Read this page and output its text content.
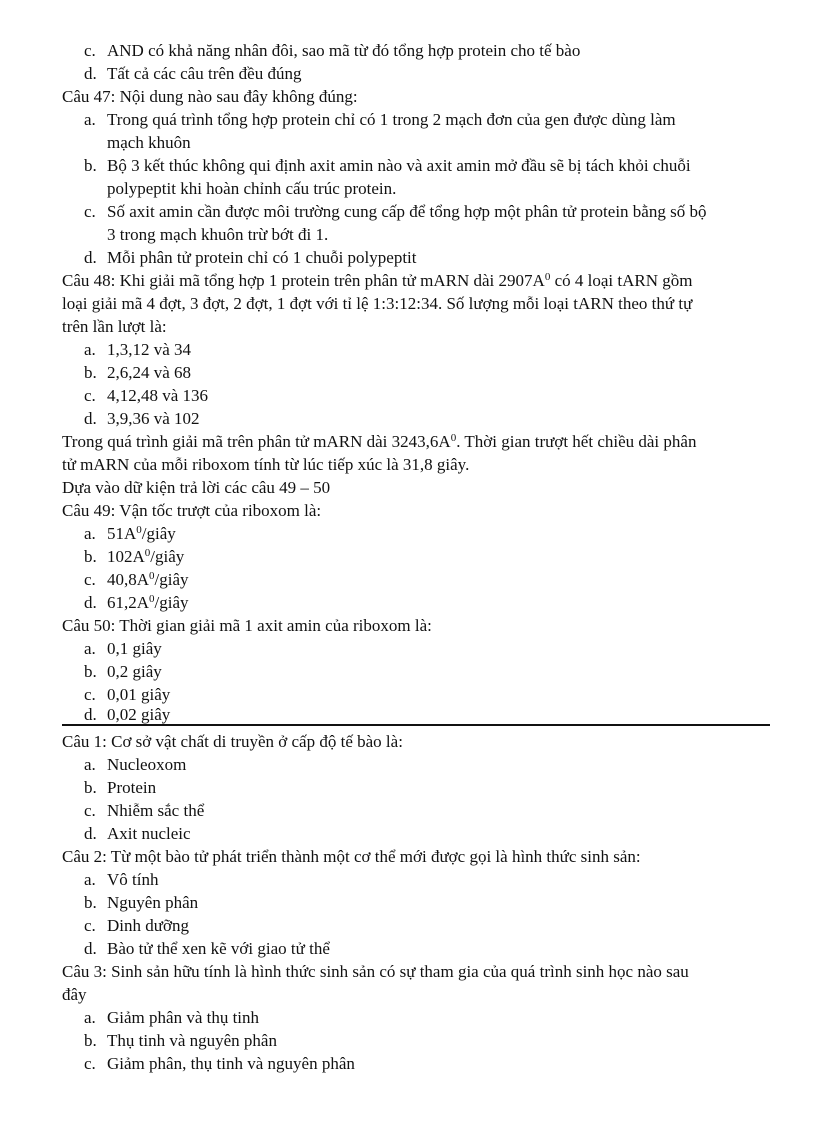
c. AND có khả năng nhân đôi, sao mã từ đó tổng hợp protein cho tế bào
d. Tất cả các câu trên đều đúng
Câu 47: Nội dung nào sau đây không đúng:
a. Trong quá trình tổng hợp protein chỉ có 1 trong 2 mạch đơn của gen được dùng làm
mạch khuôn
b. Bộ 3 kết thúc không qui định axit amin nào và axit amin mở đầu sẽ bị tách khỏi chuỗi
polypeptit khi hoàn chỉnh cấu trúc protein.
c. Số axit amin cần được môi trường cung cấp để tổng hợp một phân tử protein bằng số bộ
3 trong mạch khuôn trừ bớt đi 1.
d. Mỗi phân tử protein chỉ có 1 chuỗi polypeptit
Câu 48: Khi giải mã tổng hợp 1 protein trên phân tử mARN dài $2907A^0$ có 4 loại tARN gồm
loại giải mã 4 đợt, 3 đợt, 2 đợt, 1 đợt với tỉ lệ 1:3:12:34. Số lượng mỗi loại tARN theo thứ tự
trên lần lượt là:
a. 1,3,12 và 34
b. 2,6,24 và 68
c. 4,12,48 và 136
d. 3,9,36 và 102
Trong quá trình giải mã trên phân tử mARN dài $3243,6A^0$. Thời gian trượt hết chiều dài phân
tử mARN của mỗi riboxom tính từ lúc tiếp xúc là 31,8 giây.
Dựa vào dữ kiện trả lời các câu 49 – 50
Câu 49: Vận tốc trượt của riboxom là:
a. $51A^0$/giây
b. $102A^0$/giây
c. $40,8A^0$/giây
d. $61,2A^0$/giây
Câu 50: Thời gian giải mã 1 axit amin của riboxom là:
a. 0,1 giây
b. 0,2 giây
c. 0,01 giây
d. 0,02 giây
Câu 1: Cơ sở vật chất di truyền ở cấp độ tế bào là:
a. Nucleoxom
b. Protein
c. Nhiễm sắc thể
d. Axit nucleic
Câu 2: Từ một bào tử phát triển thành một cơ thể mới được gọi là hình thức sinh sản:
a. Vô tính
b. Nguyên phân
c. Dinh dưỡng
d. Bào tử thể xen kẽ với giao tử thể
Câu 3: Sinh sản hữu tính là hình thức sinh sản có sự tham gia của quá trình sinh học nào sau
đây
a. Giảm phân và thụ tinh
b. Thụ tinh và nguyên phân
c. Giảm phân, thụ tinh và nguyên phân
